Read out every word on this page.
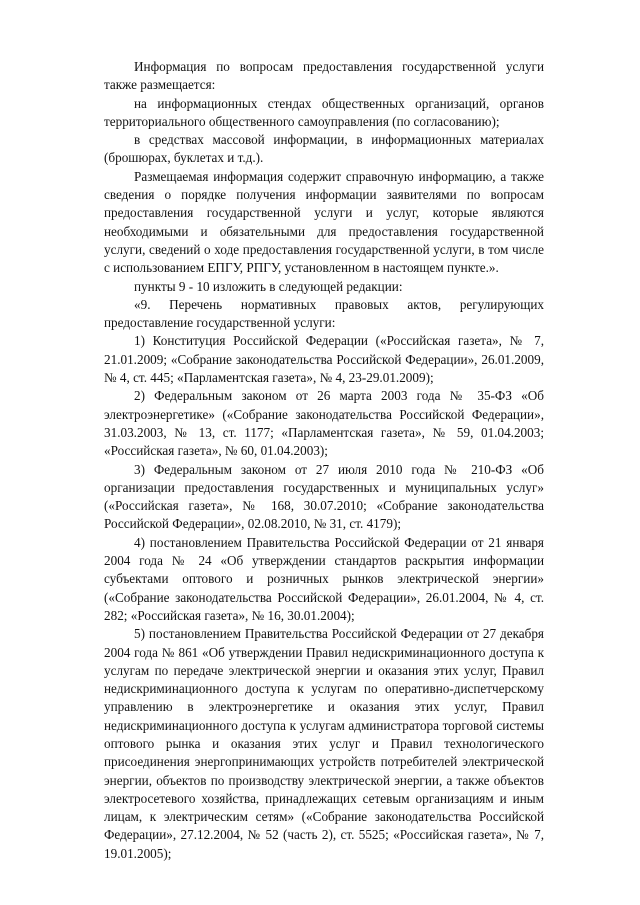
Информация по вопросам предоставления государственной услуги также размещается:

на информационных стендах общественных организаций, органов территориального общественного самоуправления (по согласованию);

в средствах массовой информации, в информационных материалах (брошюрах, буклетах и т.д.).

Размещаемая информация содержит справочную информацию, а также сведения о порядке получения информации заявителями по вопросам предоставления государственной услуги и услуг, которые являются необходимыми и обязательными для предоставления государственной услуги, сведений о ходе предоставления государственной услуги, в том числе с использованием ЕПГУ, РПГУ, установленном в настоящем пункте.».

пункты 9 - 10 изложить в следующей редакции:

«9. Перечень нормативных правовых актов, регулирующих предоставление государственной услуги:

1) Конституция Российской Федерации («Российская газета», № 7, 21.01.2009; «Собрание законодательства Российской Федерации», 26.01.2009, № 4, ст. 445; «Парламентская газета», № 4, 23-29.01.2009);

2) Федеральным законом от 26 марта 2003 года № 35-ФЗ «Об электроэнергетике» («Собрание законодательства Российской Федерации», 31.03.2003, № 13, ст. 1177; «Парламентская газета», № 59, 01.04.2003; «Российская газета», № 60, 01.04.2003);

3) Федеральным законом от 27 июля 2010 года № 210-ФЗ «Об организации предоставления государственных и муниципальных услуг» («Российская газета», № 168, 30.07.2010; «Собрание законодательства Российской Федерации», 02.08.2010, № 31, ст. 4179);

4) постановлением Правительства Российской Федерации от 21 января 2004 года № 24 «Об утверждении стандартов раскрытия информации субъектами оптового и розничных рынков электрической энергии» («Собрание законодательства Российской Федерации», 26.01.2004, № 4, ст. 282; «Российская газета», № 16, 30.01.2004);

5) постановлением Правительства Российской Федерации от 27 декабря 2004 года № 861 «Об утверждении Правил недискриминационного доступа к услугам по передаче электрической энергии и оказания этих услуг, Правил недискриминационного доступа к услугам по оперативно-диспетчерскому управлению в электроэнергетике и оказания этих услуг, Правил недискриминационного доступа к услугам администратора торговой системы оптового рынка и оказания этих услуг и Правил технологического присоединения энергопринимающих устройств потребителей электрической энергии, объектов по производству электрической энергии, а также объектов электросетевого хозяйства, принадлежащих сетевым организациям и иным лицам, к электрическим сетям» («Собрание законодательства Российской Федерации», 27.12.2004, № 52 (часть 2), ст. 5525; «Российская газета», № 7, 19.01.2005);
